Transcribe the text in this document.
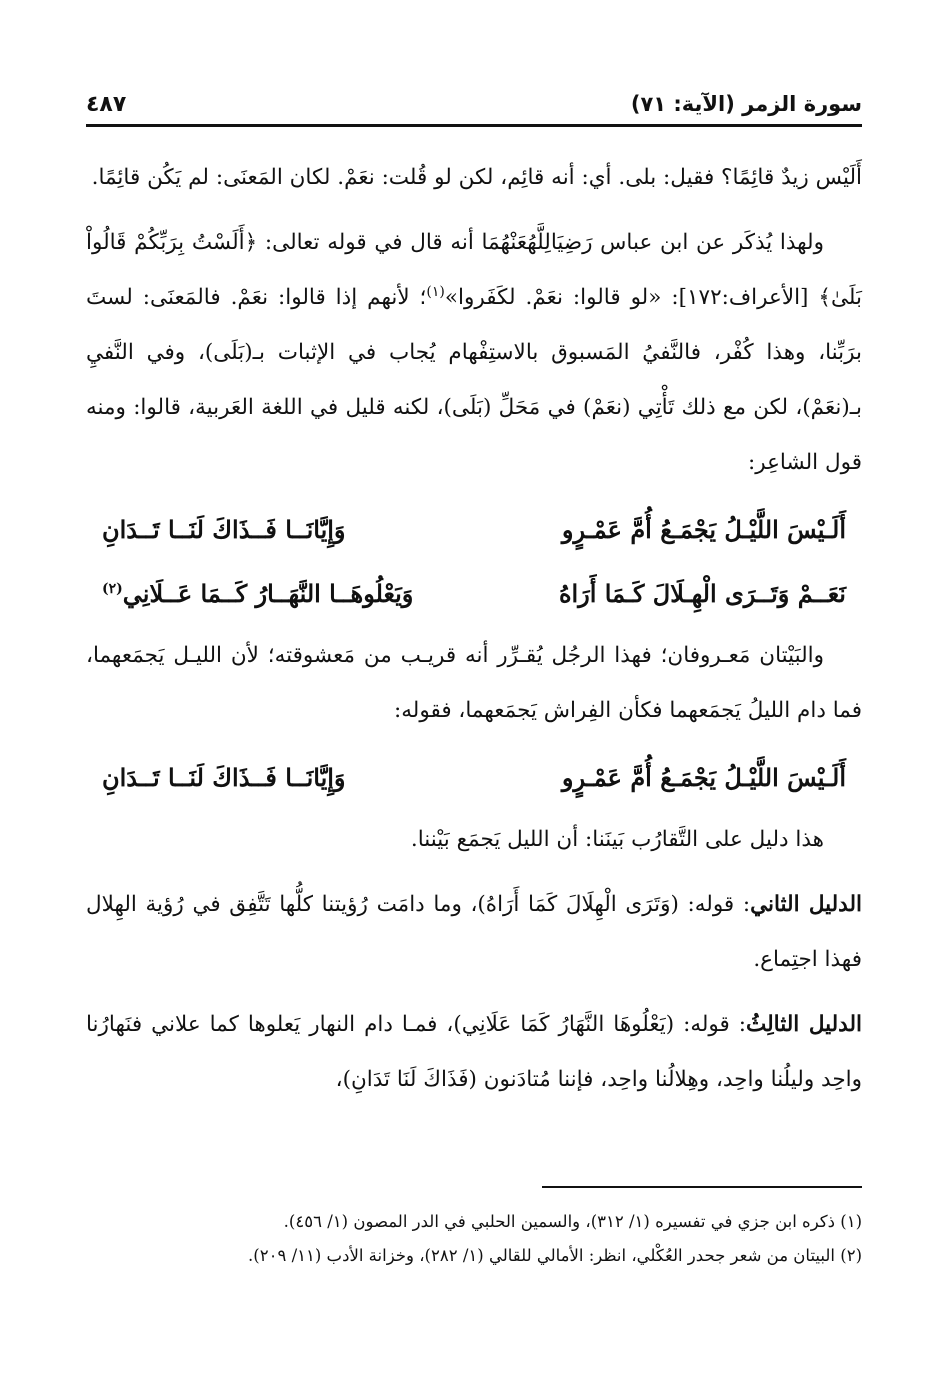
سورة الزمر (الآية: ٧١)
٤٨٧

أَلَيْس زيدٌ قائِمًا؟ فقيل: بلى. أي: أنه قائِم، لكن لو قُلت: نعَمْ. لكان المَعنَى: لم يَكُن قائِمًا.

ولهذا يُذكَر عن ابن عباس رَضِيَالِلَّهُعَنْهُمَا أنه قال في قوله تعالى: ﴿أَلَسْتُ بِرَبِّكُمْ قَالُواْ بَلَىٰ﴾ [الأعراف:١٧٢]: «لو قالوا: نعَمْ. لكَفَروا»$^{(١)}$؛ لأنهم إذا قالوا: نعَمْ. فالمَعنَى: لستَ برَبِّنا، وهذا كُفْر، فالنَّفيُ المَسبوق بالاستِفْهام يُجاب في الإثبات بـ(بَلَى)، وفي النَّفيِ بـ(نعَمْ)، لكن مع ذلك تَأْتِي (نعَمْ) في مَحَلِّ (بَلَى)، لكنه قليل في اللغة العَربية، قالوا: ومنه قول الشاعِر:

أَلَـيْسَ اللَّيْـلُ يَجْمَـعُ أُمَّ عَمْـرٍو
وَإِيَّانَــا فَــذَاكَ لَنَــا تَــدَانِ
نَعَــمْ وَتَــرَى الْهِـلَالَ كَـمَا أَرَاهُ
وَيَعْلُوهَــا النَّهَــارُ كَــمَا عَــلَانِي$^{(٢)}$

والبَيْتان مَعـروفان؛ فهذا الرجُل يُقـرِّر أنه قريـب من مَعشوقته؛ لأن الليـل يَجمَعهما، فما دام الليلُ يَجمَعهما فكأن الفِراش يَجمَعهما، فقوله:

أَلَـيْسَ اللَّيْـلُ يَجْمَـعُ أُمَّ عَمْـرٍو
وَإِيَّانَــا فَــذَاكَ لَنَــا تَــدَانِ

هذا دليل على التَّقارُب بَينَنا: أن الليل يَجمَع بَيْننا.

الدليل الثاني: قوله: (وَتَرَى الْهِلَالَ كَمَا أَرَاهُ)، وما دامَت رُؤيتنا كلُّها تَتَّفِق في رُؤية الهِلال فهذا اجتِماع.

الدليل الثالِثُ: قوله: (يَعْلُوهَا النَّهَارُ كَمَا عَلَانِي)، فمـا دام النهار يَعلوها كما علاني فنَهارُنا واحِد وليلُنا واحِد، وهِلالُنا واحِد، فإننا مُتادَنون (فَذَاكَ لَنَا تَدَانِ)،

(١) ذكره ابن جزي في تفسيره (١/ ٣١٢)، والسمين الحلبي في الدر المصون (١/ ٤٥٦).
(٢) البيتان من شعر جحدر العُكْلي، انظر: الأمالي للقالي (١/ ٢٨٢)، وخزانة الأدب (١١/ ٢٠٩).
